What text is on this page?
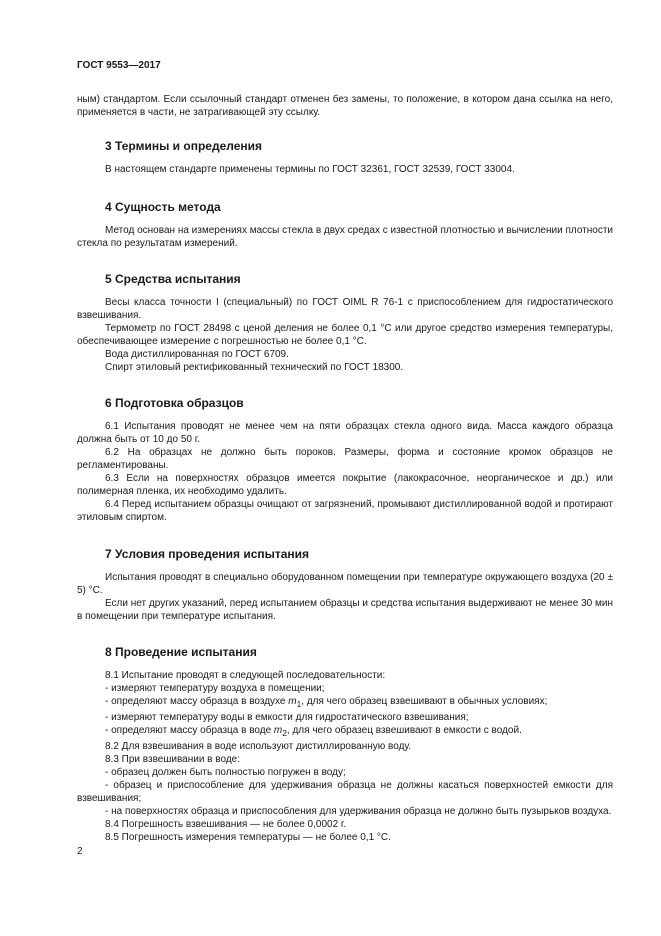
ГОСТ 9553—2017

ным) стандартом. Если ссылочный стандарт отменен без замены, то положение, в котором дана ссылка на него, применяется в части, не затрагивающей эту ссылку.

3 Термины и определения

В настоящем стандарте применены термины по ГОСТ 32361, ГОСТ 32539, ГОСТ 33004.

4 Сущность метода

Метод основан на измерениях массы стекла в двух средах с известной плотностью и вычислении плотности стекла по результатам измерений.

5 Средства испытания

Весы класса точности I (специальный) по ГОСТ OIML R 76-1 с приспособлением для гидростатического взвешивания.

Термометр по ГОСТ 28498 с ценой деления не более 0,1 °С или другое средство измерения температуры, обеспечивающее измерение с погрешностью не более 0,1 °С.

Вода дистиллированная по ГОСТ 6709.

Спирт этиловый ректификованный технический по ГОСТ 18300.

6 Подготовка образцов

6.1 Испытания проводят не менее чем на пяти образцах стекла одного вида. Масса каждого образца должна быть от 10 до 50 г.

6.2 На образцах не должно быть пороков. Размеры, форма и состояние кромок образцов не регламентированы.

6.3 Если на поверхностях образцов имеется покрытие (лакокрасочное, неорганическое и др.) или полимерная пленка, их необходимо удалить.

6.4 Перед испытанием образцы очищают от загрязнений, промывают дистиллированной водой и протирают этиловым спиртом.

7 Условия проведения испытания

Испытания проводят в специально оборудованном помещении при температуре окружающего воздуха (20 ± 5) °С.

Если нет других указаний, перед испытанием образцы и средства испытания выдерживают не менее 30 мин в помещении при температуре испытания.

8 Проведение испытания

8.1 Испытание проводят в следующей последовательности:

- измеряют температуру воздуха в помещении;

- определяют массу образца в воздухе $m_1$, для чего образец взвешивают в обычных условиях;

- измеряют температуру воды в емкости для гидростатического взвешивания;

- определяют массу образца в воде $m_2$, для чего образец взвешивают в емкости с водой.

8.2 Для взвешивания в воде используют дистиллированную воду.

8.3 При взвешивании в воде:

- образец должен быть полностью погружен в воду;

- образец и приспособление для удерживания образца не должны касаться поверхностей емкости для взвешивания;

- на поверхностях образца и приспособления для удерживания образца не должно быть пузырьков воздуха.

8.4 Погрешность взвешивания — не более 0,0002 г.

8.5 Погрешность измерения температуры — не более 0,1 °С.

2
